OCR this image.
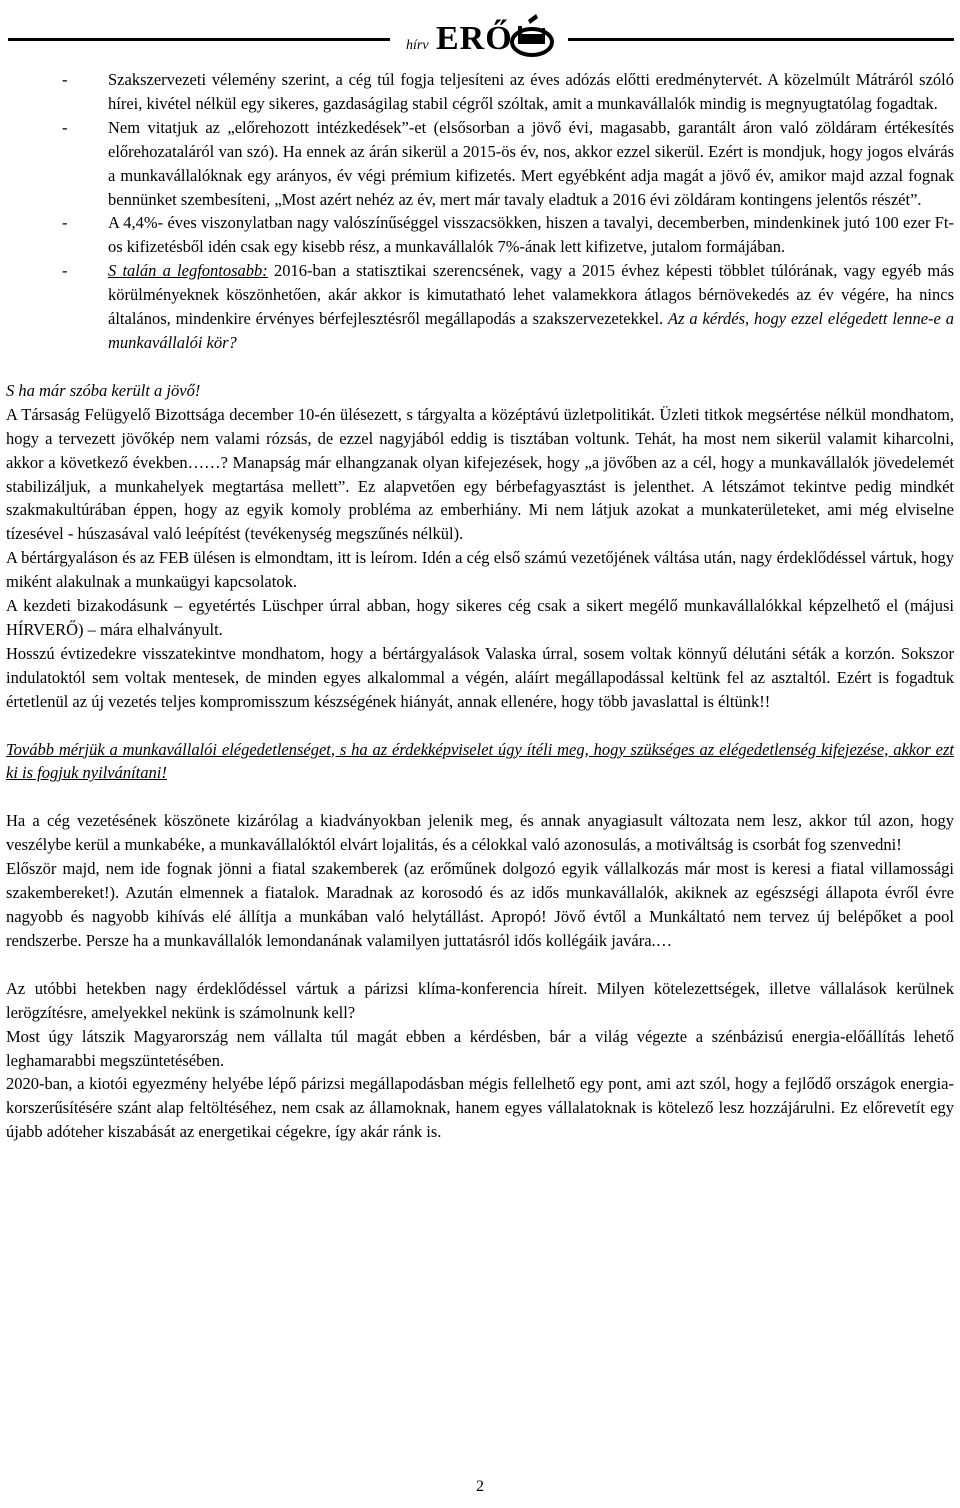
hírv ERŐ
- Szakszervezeti vélemény szerint, a cég túl fogja teljesíteni az éves adózás előtti eredménytervét. A közelmúlt Mátráról szóló hírei, kivétel nélkül egy sikeres, gazdaságilag stabil cégről szóltak, amit a munkavállalók mindig is megnyugtatólag fogadtak.
- Nem vitatjuk az „előrehozott intézkedések”-et (elsősorban a jövő évi, magasabb, garantált áron való zöldáram értékesítés előrehozataláról van szó). Ha ennek az árán sikerül a 2015-ös év, nos, akkor ezzel sikerül. Ezért is mondjuk, hogy jogos elvárás a munkavállalóknak egy arányos, év végi prémium kifizetés. Mert egyébként adja magát a jövő év, amikor majd azzal fognak bennünket szembesíteni, „Most azért nehéz az év, mert már tavaly eladtuk a 2016 évi zöldáram kontingens jelentős részét”.
- A 4,4%- éves viszonylatban nagy valószínűséggel visszacsökken, hiszen a tavalyi, decemberben, mindenkinek jutó 100 ezer Ft-os kifizetésből idén csak egy kisebb rész, a munkavállalók 7%-ának lett kifizetve, jutalom formájában.
- S talán a legfontosabb: 2016-ban a statisztikai szerencsének, vagy a 2015 évhez képesti többlet túlórának, vagy egyéb más körülményeknek köszönhetően, akár akkor is kimutatható lehet valamekkora átlagos bérnövekedés az év végére, ha nincs általános, mindenkire érvényes bérfejlesztésről megállapodás a szakszervezetekkel. Az a kérdés, hogy ezzel elégedett lenne-e a munkavállalói kör?

S ha már szóba került a jövő!

A Társaság Felügyelő Bizottsága december 10-én ülésezett, s tárgyalta a középtávú üzletpolitikát. Üzleti titkok megsértése nélkül mondhatom, hogy a tervezett jövőkép nem valami rózsás, de ezzel nagyjából eddig is tisztában voltunk. Tehát, ha most nem sikerül valamit kiharcolni, akkor a következő években……? Manapság már elhangzanak olyan kifejezések, hogy „a jövőben az a cél, hogy a munkavállalók jövedelemét stabilizáljuk, a munkahelyek megtartása mellett”. Ez alapvetően egy bérbefagyasztást is jelenthet. A létszámot tekintve pedig mindkét szakmakultúrában éppen, hogy az egyik komoly probléma az emberhiány. Mi nem látjuk azokat a munkaterületeket, ami még elviselne tízesével - húszasával való leépítést (tevékenység megszűnés nélkül).

A bértárgyaláson és az FEB ülésen is elmondtam, itt is leírom. Idén a cég első számú vezetőjének váltása után, nagy érdeklődéssel vártuk, hogy miként alakulnak a munkaügyi kapcsolatok.

A kezdeti bizakodásunk – egyetértés Lüschper úrral abban, hogy sikeres cég csak a sikert megélő munkavállalókkal képzelhető el (májusi HÍRVERŐ) – mára elhalványult.

Hosszú évtizedekre visszatekintve mondhatom, hogy a bértárgyalások Valaska úrral, sosem voltak könnyű délutáni séták a korzón. Sokszor indulatoktól sem voltak mentesek, de minden egyes alkalommal a végén, aláírt megállapodással keltünk fel az asztaltól. Ezért is fogadtuk értetlenül az új vezetés teljes kompromisszum készségének hiányát, annak ellenére, hogy több javaslattal is éltünk!!

Tovább mérjük a munkavállalói elégedetlenséget, s ha az érdekképviselet úgy ítéli meg, hogy szükséges az elégedetlenség kifejezése, akkor ezt ki is fogjuk nyilvánítani!

Ha a cég vezetésének köszönete kizárólag a kiadványokban jelenik meg, és annak anyagiasult változata nem lesz, akkor túl azon, hogy veszélybe kerül a munkabéke, a munkavállalóktól elvárt lojalitás, és a célokkal való azonosulás, a motiváltság is csorbát fog szenvedni!

Először majd, nem ide fognak jönni a fiatal szakemberek (az erőműnek dolgozó egyik vállalkozás már most is keresi a fiatal villamossági szakembereket!). Azután elmennek a fiatalok. Maradnak az korosodó és az idős munkavállalók, akiknek az egészségi állapota évről évre nagyobb és nagyobb kihívás elé állítja a munkában való helytállást. Apropó! Jövő évtől a Munkáltató nem tervez új belépőket a pool rendszerbe. Persze ha a munkavállalók lemondanának valamilyen juttatásról idős kollégáik javára.…

Az utóbbi hetekben nagy érdeklődéssel vártuk a párizsi klíma-konferencia híreit. Milyen kötelezettségek, illetve vállalások kerülnek lerögzítésre, amelyekkel nekünk is számolnunk kell?

Most úgy látszik Magyarország nem vállalta túl magát ebben a kérdésben, bár a világ végezte a szénbázisú energia-előállítás lehető leghamarabbi megszüntetésében.

2020-ban, a kiotói egyezmény helyébe lépő párizsi megállapodásban mégis fellelhető egy pont, ami azt szól, hogy a fejlődő országok energia-korszerűsítésére szánt alap feltöltéséhez, nem csak az államoknak, hanem egyes vállalatoknak is kötelező lesz hozzájárulni. Ez előrevetít egy újabb adóteher kiszabását az energetikai cégekre, így akár ránk is.

2
